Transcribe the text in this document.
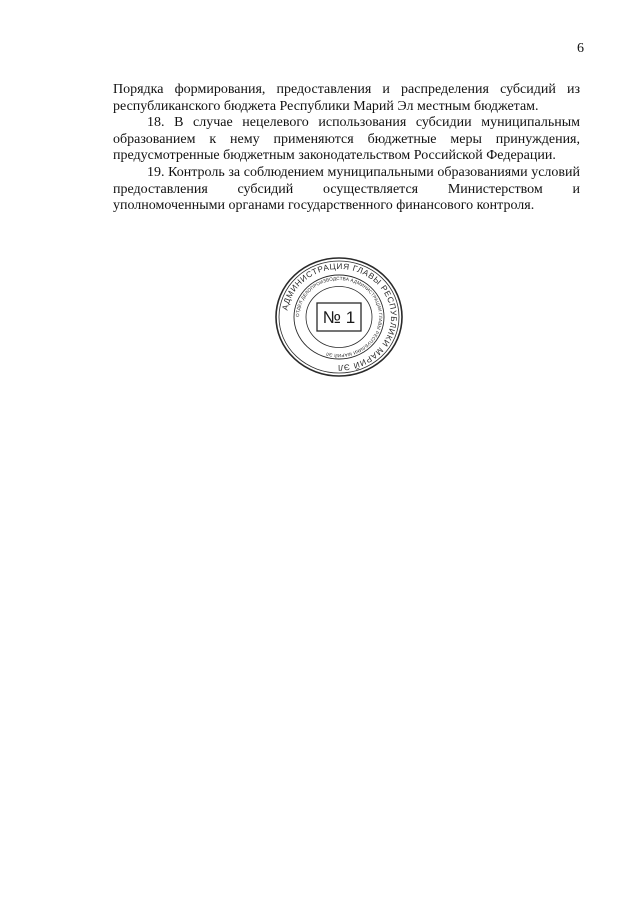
6

Порядка формирования, предоставления и распределения субсидий из республиканского бюджета Республики Марий Эл местным бюджетам.

18. В случае нецелевого использования субсидии муниципальным образованием к нему применяются бюджетные меры принуждения, предусмотренные бюджетным законодательством Российской Федерации.

19. Контроль за соблюдением муниципальными образованиями условий предоставления субсидий осуществляется Министерством и уполномоченными органами государственного финансового контроля.

АДМИНИСТРАЦИЯ ГЛАВЫ РЕСПУБЛИКИ МАРИЙ ЭЛ
ОТДЕЛ ДЕЛОПРОИЗВОДСТВА АДМИНИСТРАЦИИ ГЛАВЫ РЕСПУБЛИКИ МАРИЙ ЭЛ
№ 1
